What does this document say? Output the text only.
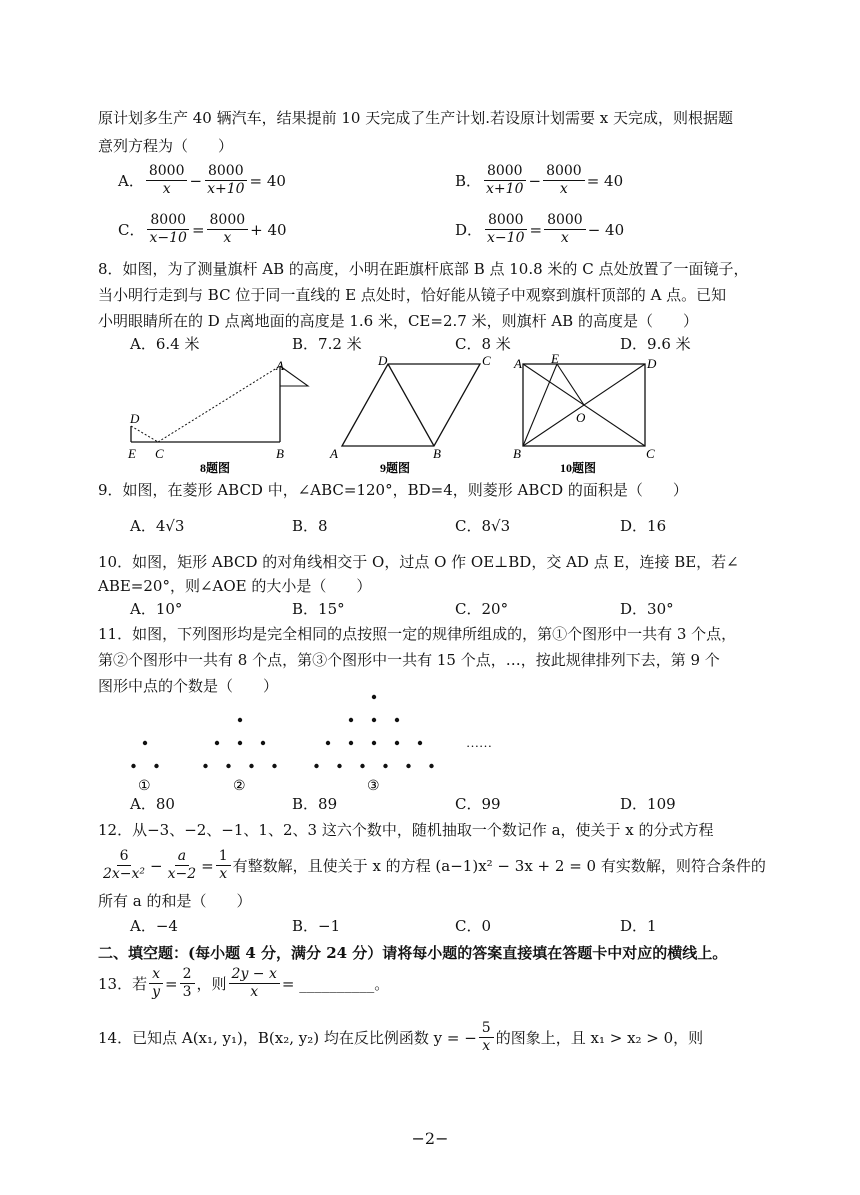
原计划多生产 40 辆汽车，结果提前 10 天完成了生产计划.若设原计划需要 x 天完成，则根据题
意列方程为（　　）
A． $\frac{8000}{x} - \frac{8000}{x+10} = 40$	B． $\frac{8000}{x+10} - \frac{8000}{x} = 40$
C． $\frac{8000}{x-10} = \frac{8000}{x} + 40$	D． $\frac{8000}{x-10} = \frac{8000}{x} - 40$
8．如图，为了测量旗杆 AB 的高度，小明在距旗杆底部 B 点 10.8 米的 C 点处放置了一面镜子，
当小明行走到与 BC 位于同一直线的 E 点处时，恰好能从镜子中观察到旗杆顶部的 A 点。已知
小明眼睛所在的 D 点离地面的高度是 1.6 米，CE=2.7 米，则旗杆 AB 的高度是（　　）
A．6.4 米	B．7.2 米	C．8 米	D．9.6 米
D
E C	B
A
8题图
D	C
A	B
9题图
A E	D
O
B	C
10题图
9．如图，在菱形 ABCD 中，∠ABC=120°，BD=4，则菱形 ABCD 的面积是（　　）
A．4√3	B．8	C．8√3	D．16
10．如图，矩形 ABCD 的对角线相交于 O，过点 O 作 OE⊥BD，交 AD 点 E，连接 BE，若∠
ABE=20°，则∠AOE 的大小是（　　）
A．10°	B．15°	C．20°	D．30°
11．如图，下列图形均是完全相同的点按照一定的规律所组成的，第①个图形中一共有 3 个点，
第②个图形中一共有 8 个点，第③个图形中一共有 15 个点，…，按此规律排列下去，第 9 个
图形中点的个数是（　　）
①	②	③
……
A．80	B．89	C．99	D．109
12．从−3、−2、−1、1、2、3 这六个数中，随机抽取一个数记作 a，使关于 x 的分式方程
$\frac{6}{\text{2x−x²}} - \frac{a}{x-2} = \frac{1}{x}$ 有整数解，且使关于 x 的方程 (a−1)x² − 3x + 2 = 0 有实数解，则符合条件的
所有 a 的和是（　　）
A．−4	B．−1	C．0	D．1
二、填空题：(每小题 4 分，满分 24 分）请将每小题的答案直接填在答题卡中对应的横线上。
13．若 $\frac{x}{y} = \frac{2}{3}$ ，则 $\frac{2y - x}{x}$ = __________。
14．已知点 A(x₁, y₁)，B(x₂, y₂) 均在反比例函数 y = − $\frac{5}{x}$ 的图象上，且 x₁ > x₂ > 0，则
−2−
